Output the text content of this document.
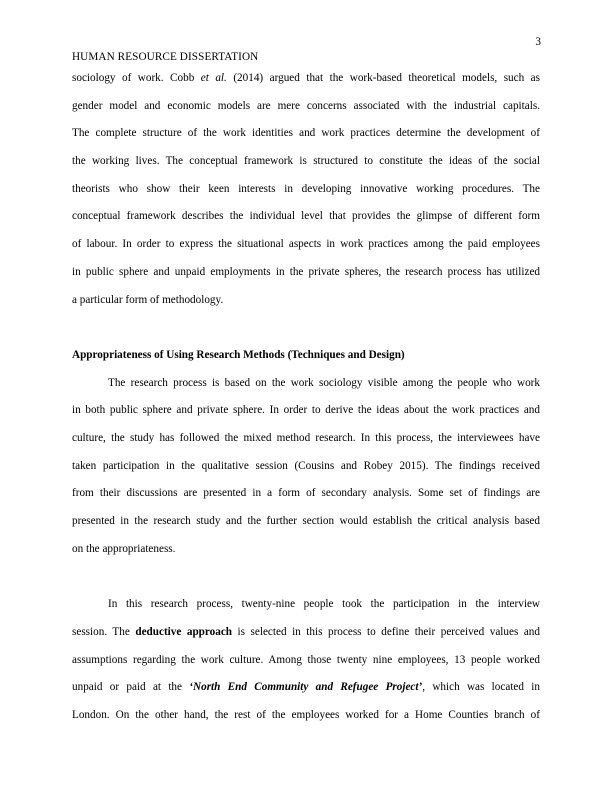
3
HUMAN RESOURCE DISSERTATION
sociology of work. Cobb et al. (2014) argued that the work-based theoretical models, such as
gender model and economic models are mere concerns associated with the industrial capitals.
The complete structure of the work identities and work practices determine the development of
the working lives. The conceptual framework is structured to constitute the ideas of the social
theorists who show their keen interests in developing innovative working procedures. The
conceptual framework describes the individual level that provides the glimpse of different form
of labour. In order to express the situational aspects in work practices among the paid employees
in public sphere and unpaid employments in the private spheres, the research process has utilized
a particular form of methodology.
Appropriateness of Using Research Methods (Techniques and Design)
The research process is based on the work sociology visible among the people who work
in both public sphere and private sphere. In order to derive the ideas about the work practices and
culture, the study has followed the mixed method research. In this process, the interviewees have
taken participation in the qualitative session (Cousins and Robey 2015). The findings received
from their discussions are presented in a form of secondary analysis. Some set of findings are
presented in the research study and the further section would establish the critical analysis based
on the appropriateness.
In this research process, twenty-nine people took the participation in the interview
session. The deductive approach is selected in this process to define their perceived values and
assumptions regarding the work culture. Among those twenty nine employees, 13 people worked
unpaid or paid at the ‘North End Community and Refugee Project’, which was located in
London. On the other hand, the rest of the employees worked for a Home Counties branch of
